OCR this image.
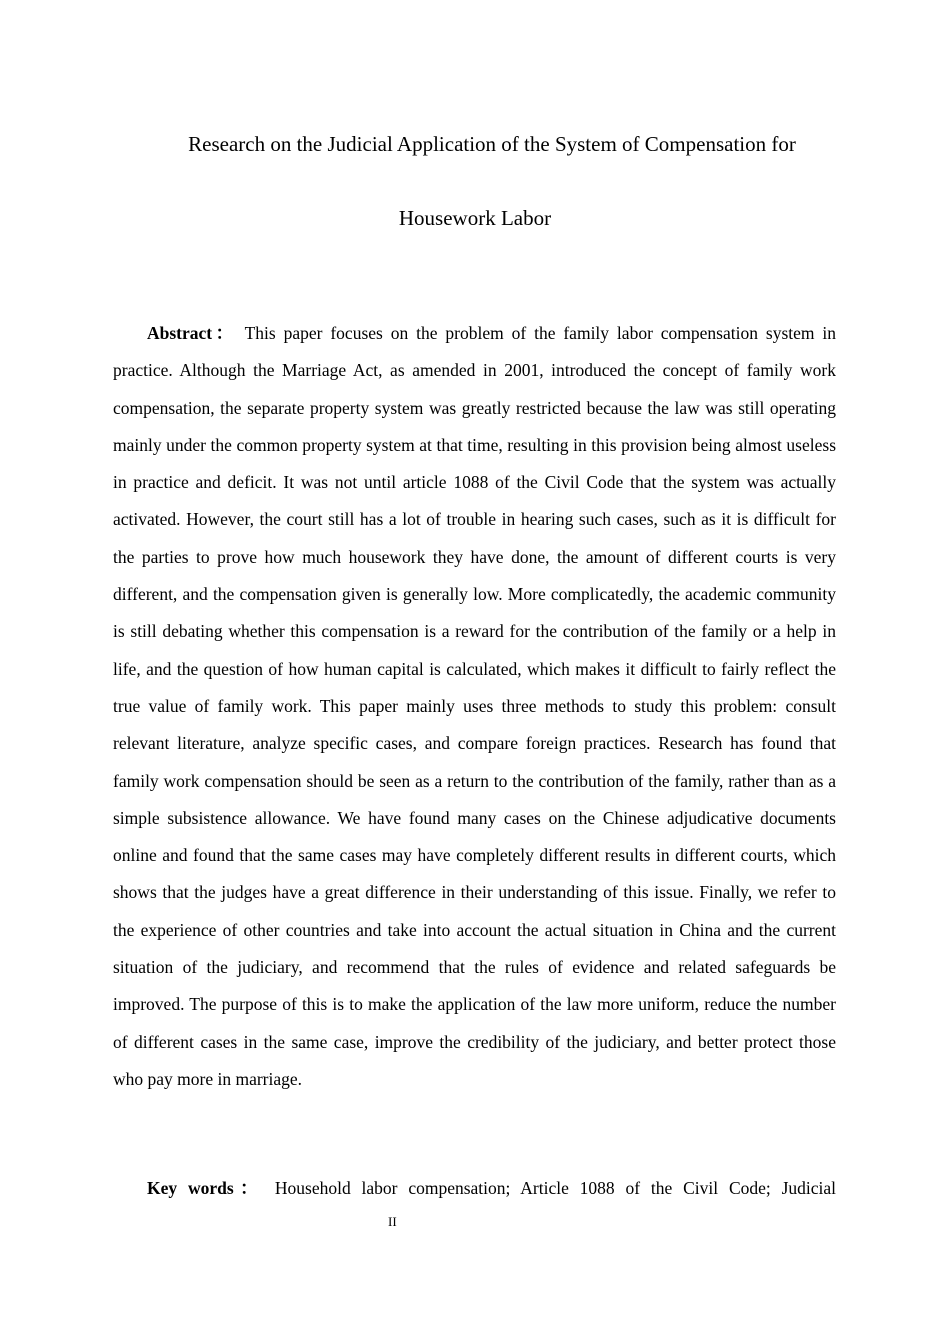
Research on the Judicial Application of the System of Compensation for
Housework Labor

Abstract： This paper focuses on the problem of the family labor compensation system in practice. Although the Marriage Act, as amended in 2001, introduced the concept of family work compensation, the separate property system was greatly restricted because the law was still operating mainly under the common property system at that time, resulting in this provision being almost useless in practice and deficit. It was not until article 1088 of the Civil Code that the system was actually activated. However, the court still has a lot of trouble in hearing such cases, such as it is difficult for the parties to prove how much housework they have done, the amount of different courts is very different, and the compensation given is generally low. More complicatedly, the academic community is still debating whether this compensation is a reward for the contribution of the family or a help in life, and the question of how human capital is calculated, which makes it difficult to fairly reflect the true value of family work. This paper mainly uses three methods to study this problem: consult relevant literature, analyze specific cases, and compare foreign practices. Research has found that family work compensation should be seen as a return to the contribution of the family, rather than as a simple subsistence allowance. We have found many cases on the Chinese adjudicative documents online and found that the same cases may have completely different results in different courts, which shows that the judges have a great difference in their understanding of this issue. Finally, we refer to the experience of other countries and take into account the actual situation in China and the current situation of the judiciary, and recommend that the rules of evidence and related safeguards be improved. The purpose of this is to make the application of the law more uniform, reduce the number of different cases in the same case, improve the credibility of the judiciary, and better protect those who pay more in marriage.

Key words： Household labor compensation; Article 1088 of the Civil Code; Judicial

II
